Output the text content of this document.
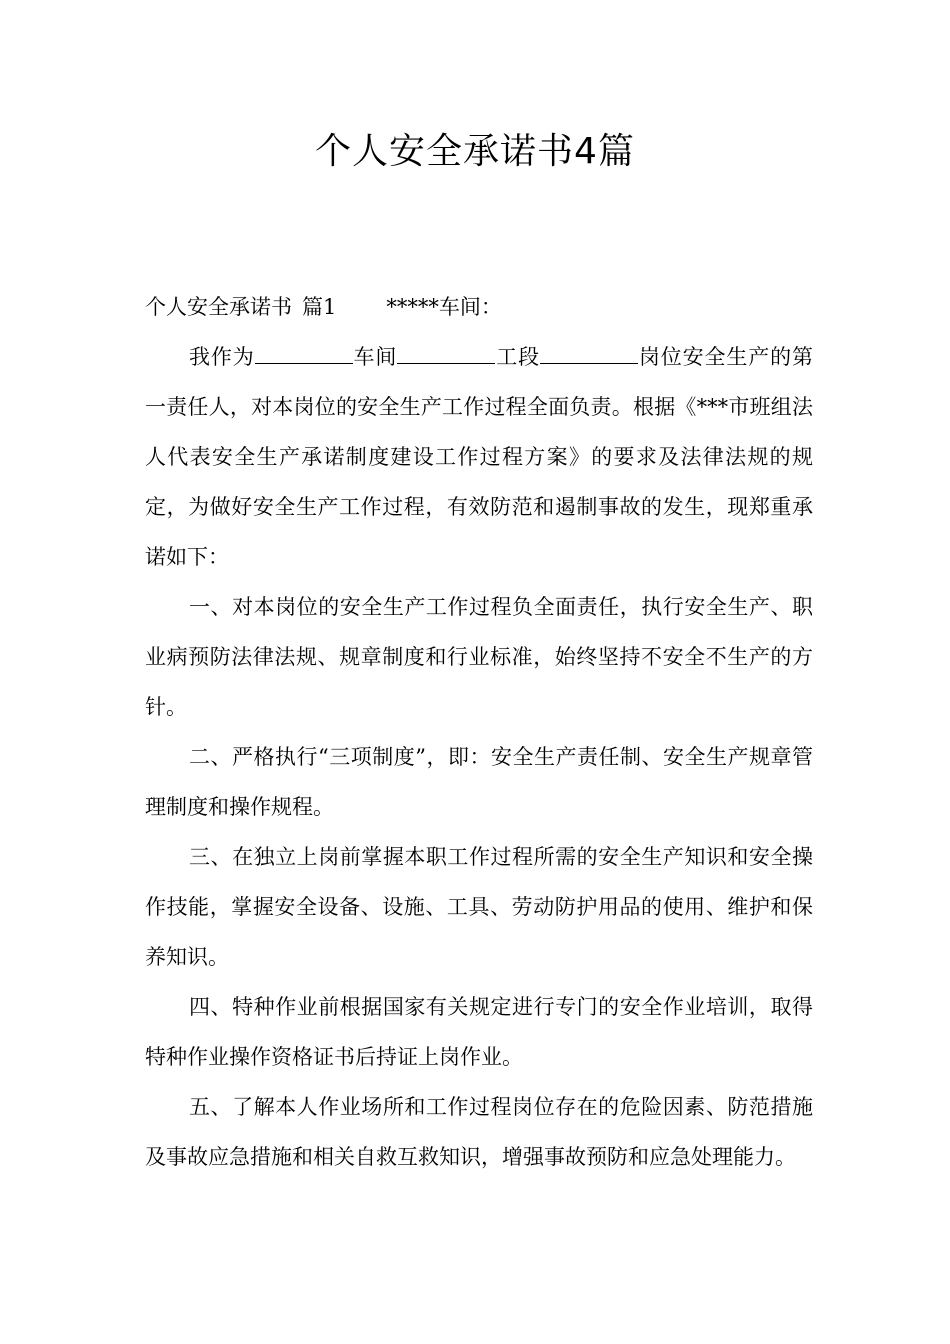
个人安全承诺书4篇

个人安全承诺书 篇1 *****车间：

我作为	车间	工段	岗位安全生产的第一责任人，对本岗位的安全生产工作过程全面负责。根据《***市班组法人代表安全生产承诺制度建设工作过程方案》的要求及法律法规的规定，为做好安全生产工作过程，有效防范和遏制事故的发生，现郑重承诺如下：

一、对本岗位的安全生产工作过程负全面责任，执行安全生产、职业病预防法律法规、规章制度和行业标准，始终坚持不安全不生产的方针。

二、严格执行“三项制度”，即：安全生产责任制、安全生产规章管理制度和操作规程。

三、在独立上岗前掌握本职工作过程所需的安全生产知识和安全操作技能，掌握安全设备、设施、工具、劳动防护用品的使用、维护和保养知识。

四、特种作业前根据国家有关规定进行专门的安全作业培训，取得特种作业操作资格证书后持证上岗作业。

五、了解本人作业场所和工作过程岗位存在的危险因素、防范措施及事故应急措施和相关自救互救知识，增强事故预防和应急处理能力。
